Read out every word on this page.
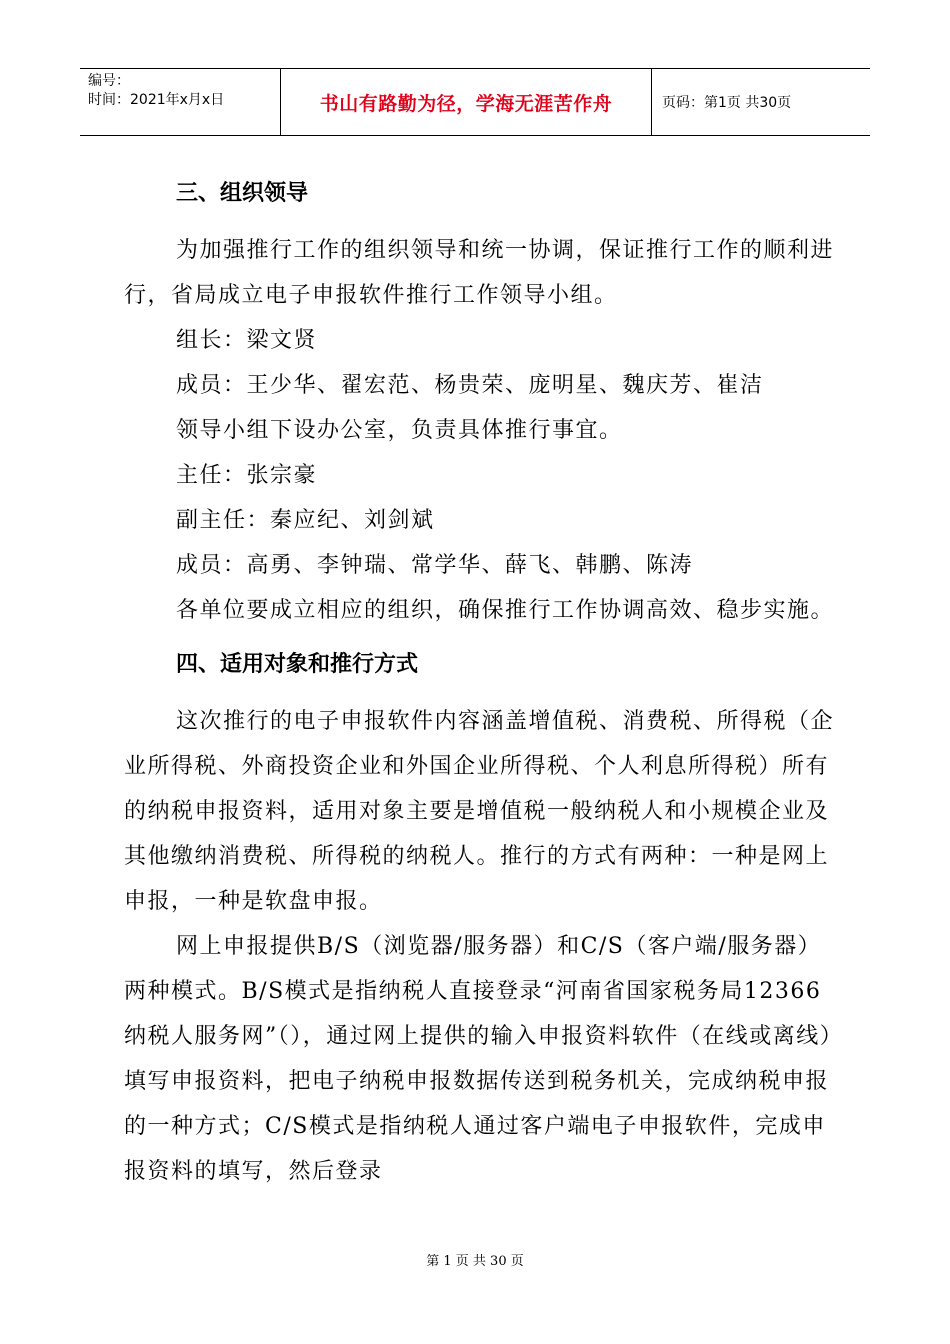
编号：
时间：2021年x月x日	书山有路勤为径，学海无涯苦作舟	页码：第1页 共30页
三、组织领导

为加强推行工作的组织领导和统一协调，保证推行工作的顺利进行，省局成立电子申报软件推行工作领导小组。

组长：梁文贤

成员：王少华、翟宏范、杨贵荣、庞明星、魏庆芳、崔洁

领导小组下设办公室，负责具体推行事宜。

主任：张宗豪

副主任：秦应纪、刘剑斌

成员：高勇、李钟瑞、常学华、薛飞、韩鹏、陈涛

各单位要成立相应的组织，确保推行工作协调高效、稳步实施。

四、适用对象和推行方式

这次推行的电子申报软件内容涵盖增值税、消费税、所得税（企业所得税、外商投资企业和外国企业所得税、个人利息所得税）所有的纳税申报资料，适用对象主要是增值税一般纳税人和小规模企业及其他缴纳消费税、所得税的纳税人。推行的方式有两种：一种是网上申报，一种是软盘申报。

网上申报提供B/S（浏览器/服务器）和C/S（客户端/服务器）两种模式。B/S模式是指纳税人直接登录“河南省国家税务局12366纳税人服务网”（），通过网上提供的输入申报资料软件（在线或离线）填写申报资料，把电子纳税申报数据传送到税务机关，完成纳税申报的一种方式；C/S模式是指纳税人通过客户端电子申报软件，完成申报资料的填写，然后登录

第 1 页 共 30 页
